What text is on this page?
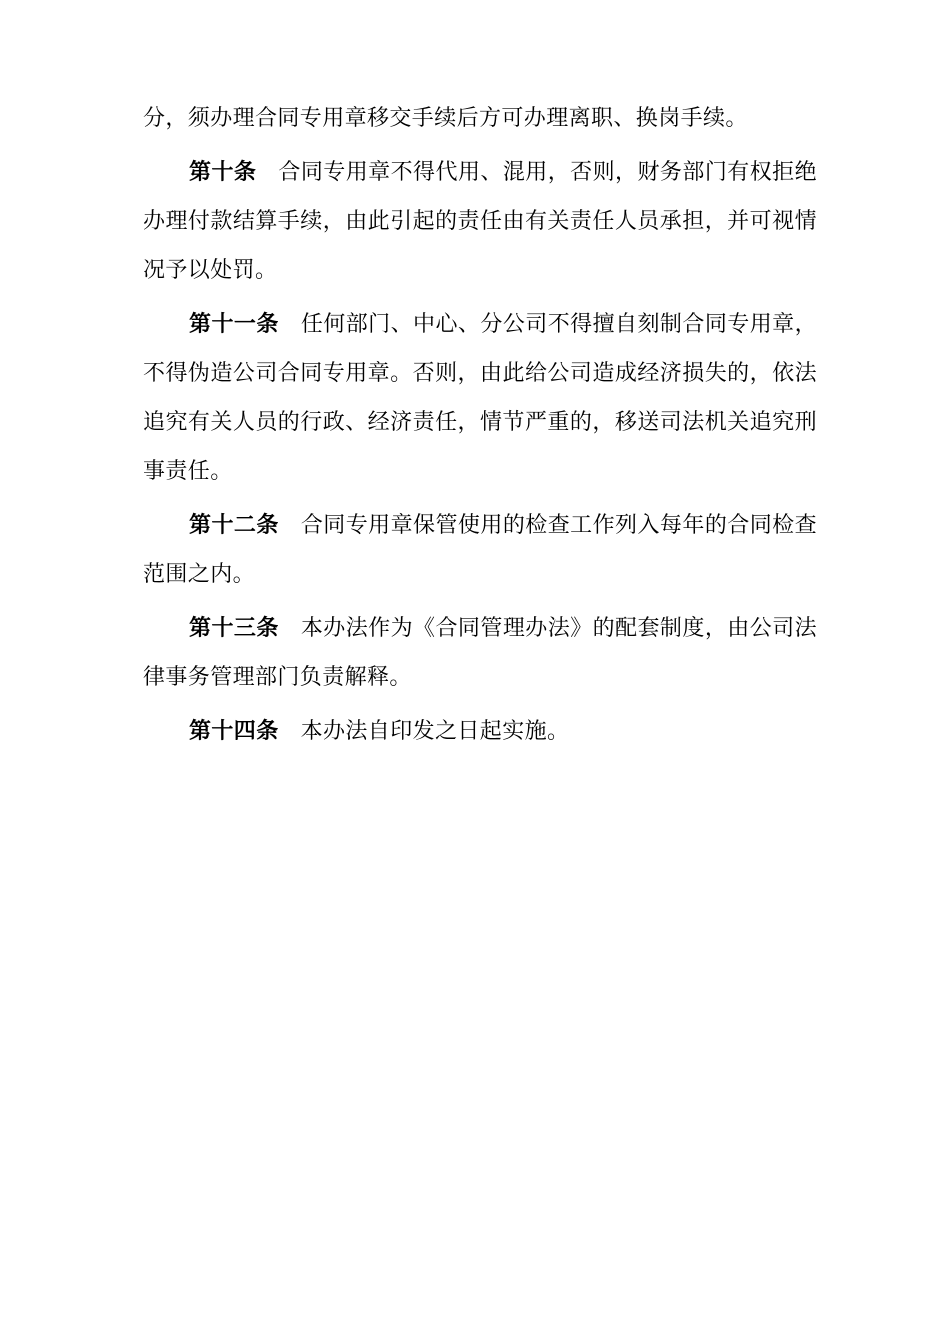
分，须办理合同专用章移交手续后方可办理离职、换岗手续。

第十条 合同专用章不得代用、混用，否则，财务部门有权拒绝办理付款结算手续，由此引起的责任由有关责任人员承担，并可视情况予以处罚。

第十一条 任何部门、中心、分公司不得擅自刻制合同专用章，不得伪造公司合同专用章。否则，由此给公司造成经济损失的，依法追究有关人员的行政、经济责任，情节严重的，移送司法机关追究刑事责任。

第十二条 合同专用章保管使用的检查工作列入每年的合同检查范围之内。

第十三条 本办法作为《合同管理办法》的配套制度，由公司法律事务管理部门负责解释。

第十四条 本办法自印发之日起实施。
